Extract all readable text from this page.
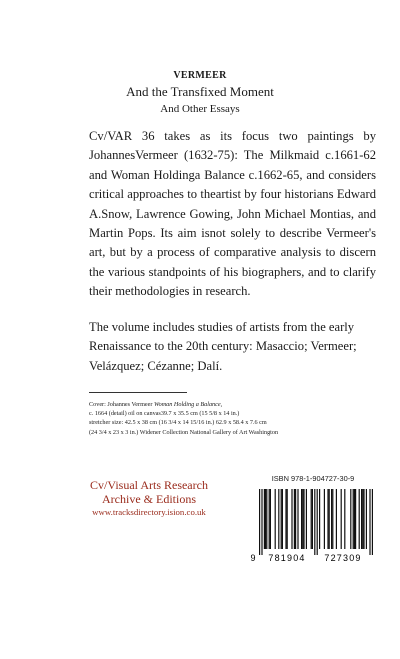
VERMEER
And the Transfixed Moment
And Other Essays
Cv/VAR 36 takes as its focus two paintings by JohannesVermeer (1632-75): The Milkmaid c.1661-62 and Woman Holdinga Balance c.1662-65, and considers critical approaches to theartist by four historians Edward A.Snow, Lawrence Gowing, John Michael Montias, and Martin Pops. Its aim isnot solely to describe Vermeer's art, but by a process of comparative analysis to discern the various standpoints of his biographers, and to clarify their methodologies in research.
The volume includes studies of artists from the early Renaissance to the 20th century: Masaccio; Vermeer; Velázquez; Cézanne; Dalí.
Cover: Johannes Vermeer Woman Holding a Balance,
c. 1664 (detail) oil on canvas39.7 x 35.5 cm (15 5/8 x 14 in.)
stretcher size: 42.5 x 38 cm (16 3/4 x 14 15/16 in.) 62.9 x 58.4 x 7.6 cm
(24 3/4 x 23 x 3 in.) Widener Collection National Gallery of Art Washington
ISBN 978-1-904727-30-9
Cv/Visual Arts Research
Archive & Editions
www.tracksdirectory.ision.co.uk
9 781904 727309
